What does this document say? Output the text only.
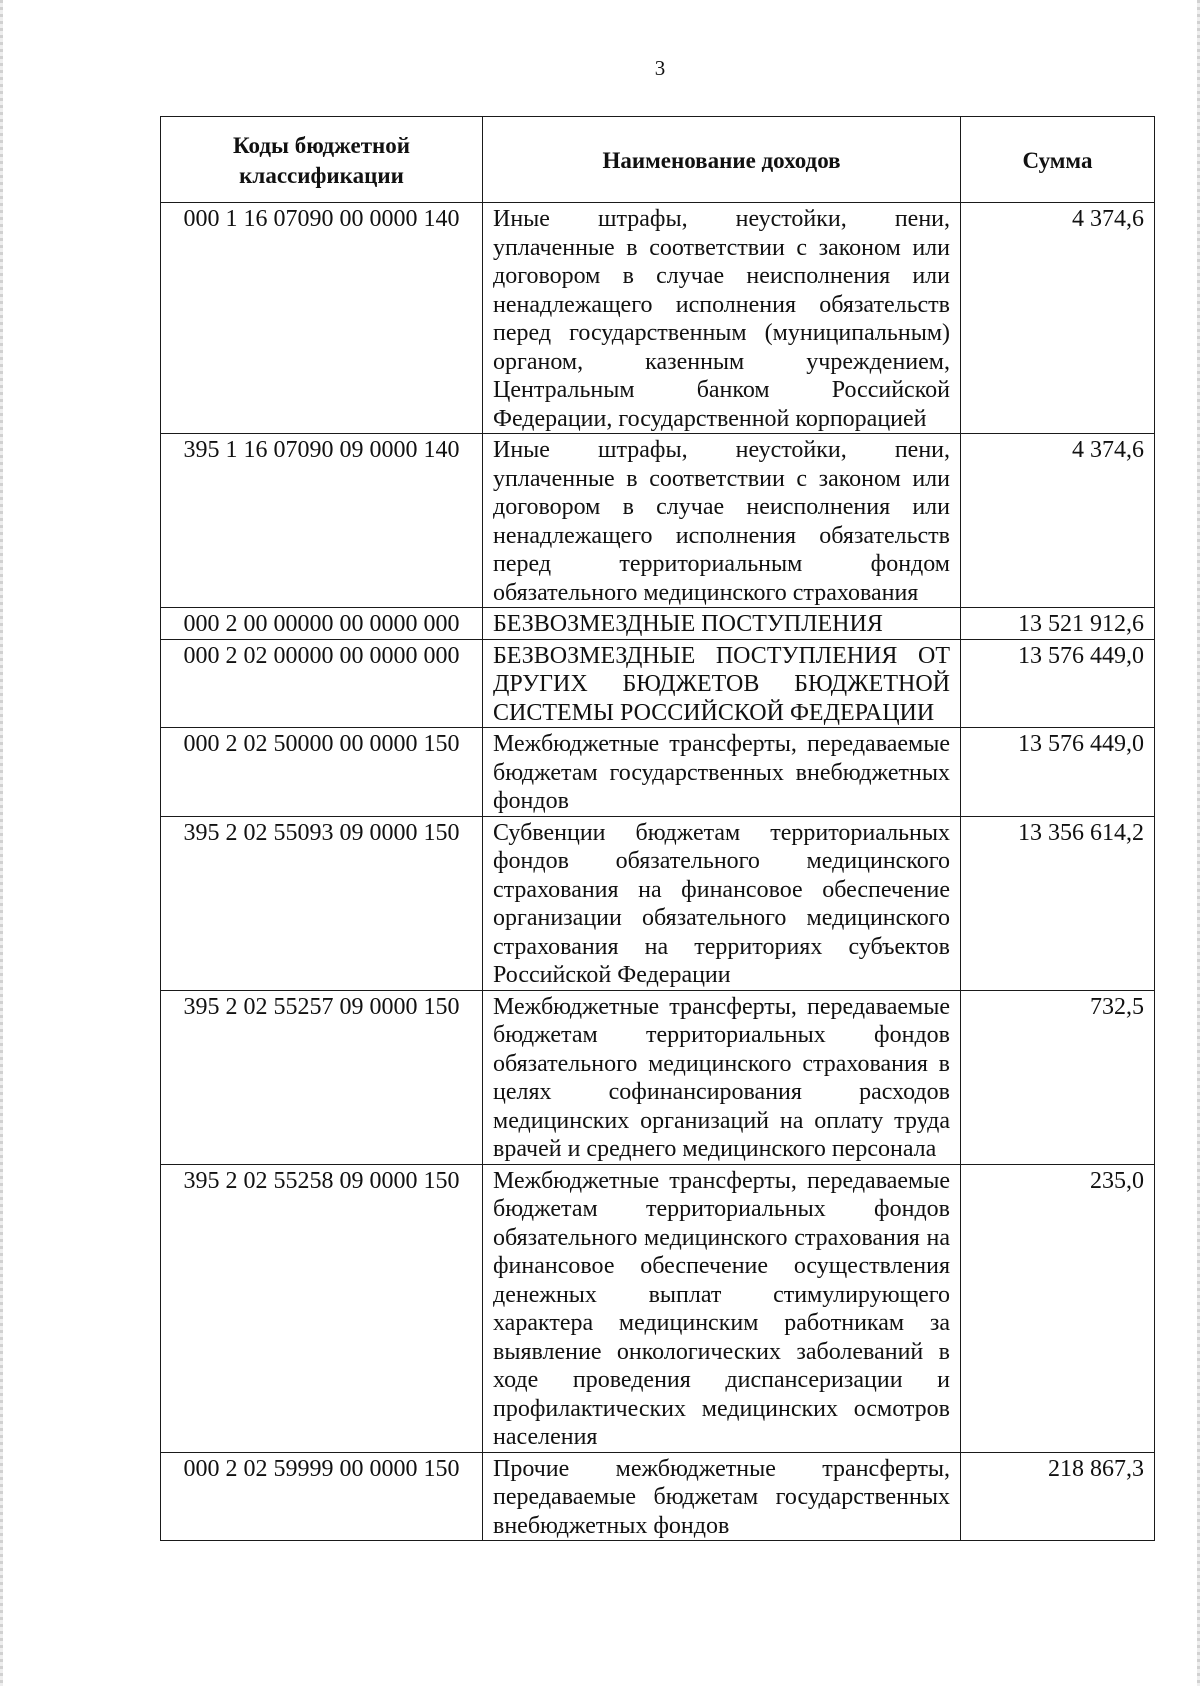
3
Коды бюджетной классификации	Наименование доходов	Сумма
000 1 16 07090 00 0000 140	Иные штрафы, неустойки, пени, уплаченные в соответствии с законом или договором в случае неисполнения или ненадлежащего исполнения обязательств перед государственным (муниципальным) органом, казенным учреждением, Центральным банком Российской Федерации, государственной корпорацией	4 374,6
395 1 16 07090 09 0000 140	Иные штрафы, неустойки, пени, уплаченные в соответствии с законом или договором в случае неисполнения или ненадлежащего исполнения обязательств перед территориальным фондом обязательного медицинского страхования	4 374,6
000 2 00 00000 00 0000 000	БЕЗВОЗМЕЗДНЫЕ ПОСТУПЛЕНИЯ	13 521 912,6
000 2 02 00000 00 0000 000	БЕЗВОЗМЕЗДНЫЕ ПОСТУПЛЕНИЯ ОТ ДРУГИХ БЮДЖЕТОВ БЮДЖЕТНОЙ СИСТЕМЫ РОССИЙСКОЙ ФЕДЕРАЦИИ	13 576 449,0
000 2 02 50000 00 0000 150	Межбюджетные трансферты, передаваемые бюджетам государственных внебюджетных фондов	13 576 449,0
395 2 02 55093 09 0000 150	Субвенции бюджетам территориальных фондов обязательного медицинского страхования на финансовое обеспечение организации обязательного медицинского страхования на территориях субъектов Российской Федерации	13 356 614,2
395 2 02 55257 09 0000 150	Межбюджетные трансферты, передаваемые бюджетам территориальных фондов обязательного медицинского страхования в целях софинансирования расходов медицинских организаций на оплату труда врачей и среднего медицинского персонала	732,5
395 2 02 55258 09 0000 150	Межбюджетные трансферты, передаваемые бюджетам территориальных фондов обязательного медицинского страхования на финансовое обеспечение осуществления денежных выплат стимулирующего характера медицинским работникам за выявление онкологических заболеваний в ходе проведения диспансеризации и профилактических медицинских осмотров населения	235,0
000 2 02 59999 00 0000 150	Прочие межбюджетные трансферты, передаваемые бюджетам государственных внебюджетных фондов	218 867,3
